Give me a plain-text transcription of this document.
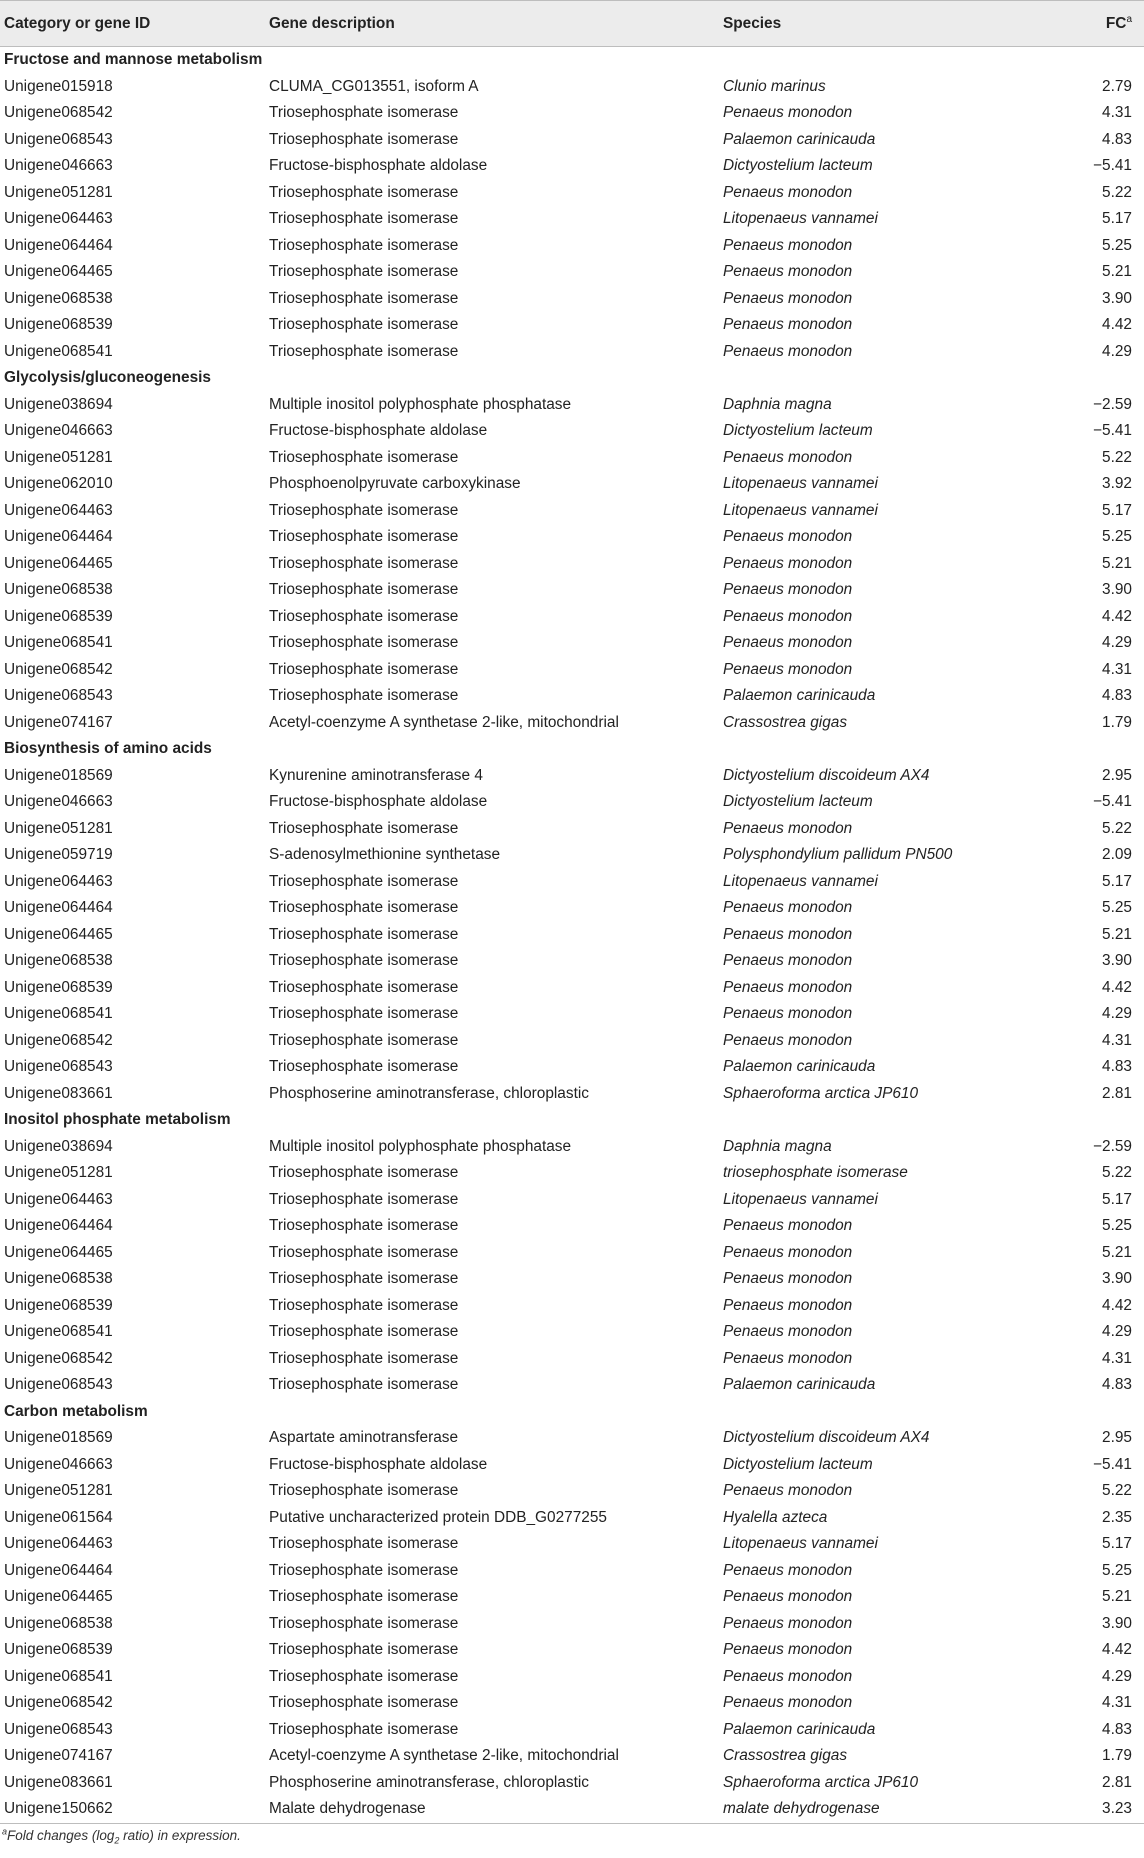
Category or gene ID	Gene description	Species	$FC^a$
Fructose and mannose metabolism			
Unigene015918	CLUMA_CG013551, isoform A	Clunio marinus	2.79
Unigene068542	Triosephosphate isomerase	Penaeus monodon	4.31
Unigene068543	Triosephosphate isomerase	Palaemon carinicauda	4.83
Unigene046663	Fructose-bisphosphate aldolase	Dictyostelium lacteum	−5.41
Unigene051281	Triosephosphate isomerase	Penaeus monodon	5.22
Unigene064463	Triosephosphate isomerase	Litopenaeus vannamei	5.17
Unigene064464	Triosephosphate isomerase	Penaeus monodon	5.25
Unigene064465	Triosephosphate isomerase	Penaeus monodon	5.21
Unigene068538	Triosephosphate isomerase	Penaeus monodon	3.90
Unigene068539	Triosephosphate isomerase	Penaeus monodon	4.42
Unigene068541	Triosephosphate isomerase	Penaeus monodon	4.29
Glycolysis/gluconeogenesis			
Unigene038694	Multiple inositol polyphosphate phosphatase	Daphnia magna	−2.59
Unigene046663	Fructose-bisphosphate aldolase	Dictyostelium lacteum	−5.41
Unigene051281	Triosephosphate isomerase	Penaeus monodon	5.22
Unigene062010	Phosphoenolpyruvate carboxykinase	Litopenaeus vannamei	3.92
Unigene064463	Triosephosphate isomerase	Litopenaeus vannamei	5.17
Unigene064464	Triosephosphate isomerase	Penaeus monodon	5.25
Unigene064465	Triosephosphate isomerase	Penaeus monodon	5.21
Unigene068538	Triosephosphate isomerase	Penaeus monodon	3.90
Unigene068539	Triosephosphate isomerase	Penaeus monodon	4.42
Unigene068541	Triosephosphate isomerase	Penaeus monodon	4.29
Unigene068542	Triosephosphate isomerase	Penaeus monodon	4.31
Unigene068543	Triosephosphate isomerase	Palaemon carinicauda	4.83
Unigene074167	Acetyl-coenzyme A synthetase 2-like, mitochondrial	Crassostrea gigas	1.79
Biosynthesis of amino acids			
Unigene018569	Kynurenine aminotransferase 4	Dictyostelium discoideum AX4	2.95
Unigene046663	Fructose-bisphosphate aldolase	Dictyostelium lacteum	−5.41
Unigene051281	Triosephosphate isomerase	Penaeus monodon	5.22
Unigene059719	S-adenosylmethionine synthetase	Polysphondylium pallidum PN500	2.09
Unigene064463	Triosephosphate isomerase	Litopenaeus vannamei	5.17
Unigene064464	Triosephosphate isomerase	Penaeus monodon	5.25
Unigene064465	Triosephosphate isomerase	Penaeus monodon	5.21
Unigene068538	Triosephosphate isomerase	Penaeus monodon	3.90
Unigene068539	Triosephosphate isomerase	Penaeus monodon	4.42
Unigene068541	Triosephosphate isomerase	Penaeus monodon	4.29
Unigene068542	Triosephosphate isomerase	Penaeus monodon	4.31
Unigene068543	Triosephosphate isomerase	Palaemon carinicauda	4.83
Unigene083661	Phosphoserine aminotransferase, chloroplastic	Sphaeroforma arctica JP610	2.81
Inositol phosphate metabolism			
Unigene038694	Multiple inositol polyphosphate phosphatase	Daphnia magna	−2.59
Unigene051281	Triosephosphate isomerase	triosephosphate isomerase	5.22
Unigene064463	Triosephosphate isomerase	Litopenaeus vannamei	5.17
Unigene064464	Triosephosphate isomerase	Penaeus monodon	5.25
Unigene064465	Triosephosphate isomerase	Penaeus monodon	5.21
Unigene068538	Triosephosphate isomerase	Penaeus monodon	3.90
Unigene068539	Triosephosphate isomerase	Penaeus monodon	4.42
Unigene068541	Triosephosphate isomerase	Penaeus monodon	4.29
Unigene068542	Triosephosphate isomerase	Penaeus monodon	4.31
Unigene068543	Triosephosphate isomerase	Palaemon carinicauda	4.83
Carbon metabolism			
Unigene018569	Aspartate aminotransferase	Dictyostelium discoideum AX4	2.95
Unigene046663	Fructose-bisphosphate aldolase	Dictyostelium lacteum	−5.41
Unigene051281	Triosephosphate isomerase	Penaeus monodon	5.22
Unigene061564	Putative uncharacterized protein DDB_G0277255	Hyalella azteca	2.35
Unigene064463	Triosephosphate isomerase	Litopenaeus vannamei	5.17
Unigene064464	Triosephosphate isomerase	Penaeus monodon	5.25
Unigene064465	Triosephosphate isomerase	Penaeus monodon	5.21
Unigene068538	Triosephosphate isomerase	Penaeus monodon	3.90
Unigene068539	Triosephosphate isomerase	Penaeus monodon	4.42
Unigene068541	Triosephosphate isomerase	Penaeus monodon	4.29
Unigene068542	Triosephosphate isomerase	Penaeus monodon	4.31
Unigene068543	Triosephosphate isomerase	Palaemon carinicauda	4.83
Unigene074167	Acetyl-coenzyme A synthetase 2-like, mitochondrial	Crassostrea gigas	1.79
Unigene083661	Phosphoserine aminotransferase, chloroplastic	Sphaeroforma arctica JP610	2.81
Unigene150662	Malate dehydrogenase	malate dehydrogenase	3.23
$^a$Fold changes ($\log_2$ ratio) in expression.
